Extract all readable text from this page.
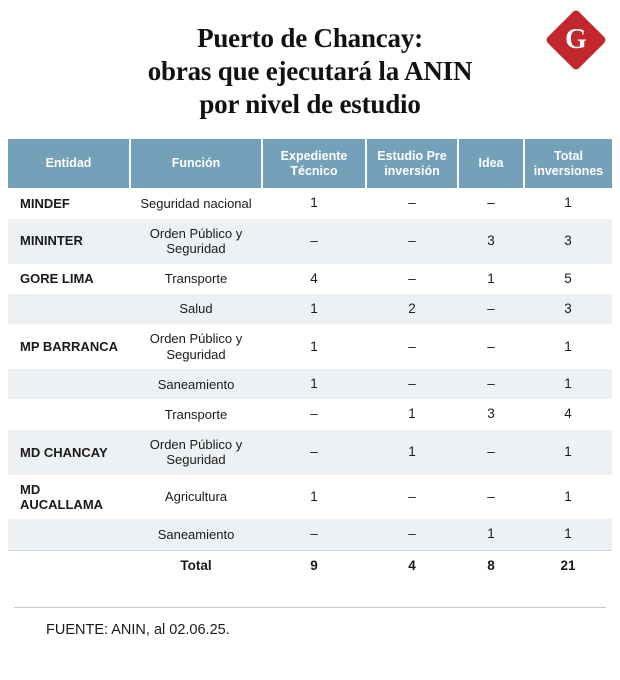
G
Puerto de Chancay:
obras que ejecutará la ANIN
por nivel de estudio
Entidad	Función	Expediente Técnico	Estudio Pre inversión	Idea	Total inversiones
MINDEF	Seguridad nacional	1	–	–	1
MININTER	Orden Público y Seguridad	–	–	3	3
GORE LIMA	Transporte	4	–	1	5
	Salud	1	2	–	3
MP BARRANCA	Orden Público y Seguridad	1	–	–	1
	Saneamiento	1	–	–	1
	Transporte	–	1	3	4
MD CHANCAY	Orden Público y Seguridad	–	1	–	1
MD AUCALLAMA	Agricultura	1	–	–	1
	Saneamiento	–	–	1	1
	Total	9	4	8	21
FUENTE: ANIN, al 02.06.25.
